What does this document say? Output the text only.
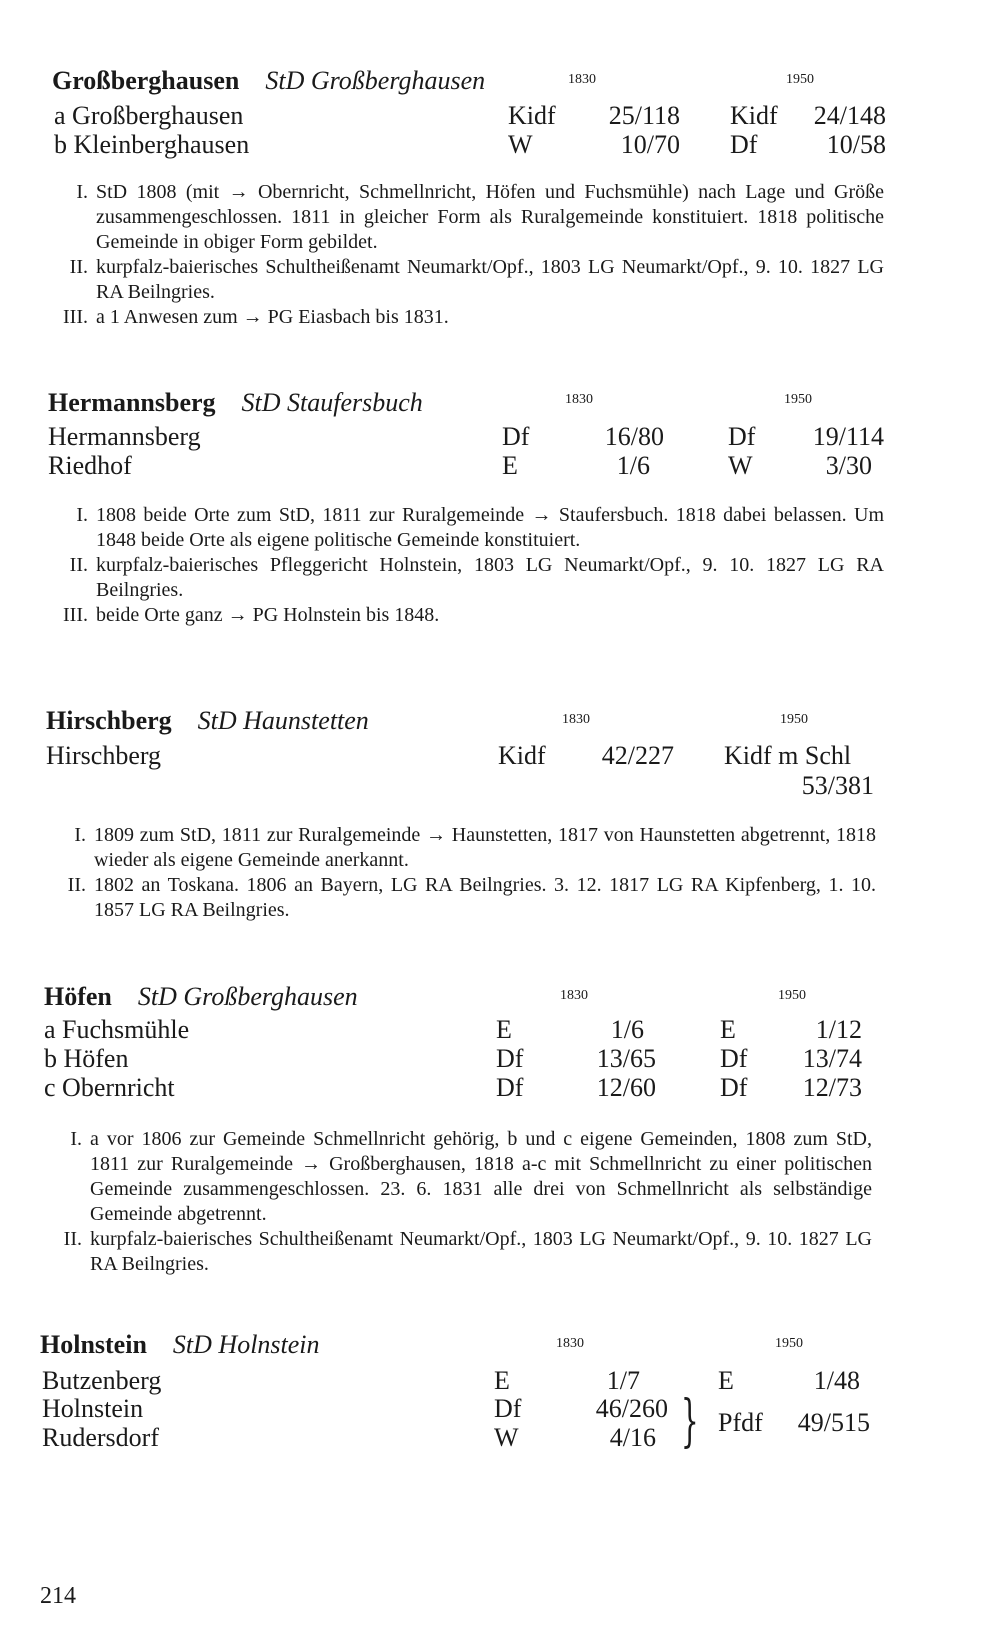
Großberghausen StD Großberghausen	1830	1950
a Großberghausen	Kidf	25/118 Kidf	24/148
b Kleinberghausen	W	10/70 Df	10/58
I. StD 1808 (mit → Obernricht, Schmellnricht, Höfen und Fuchsmühle) nach Lage und Größe zusammengeschlossen. 1811 in gleicher Form als Ruralgemeinde konstituiert. 1818 politische Gemeinde in obiger Form gebildet.
II. kurpfalz-baierisches Schultheißenamt Neumarkt/Opf., 1803 LG Neumarkt/Opf., 9. 10. 1827 LG RA Beilngries.
III. a 1 Anwesen zum → PG Eiasbach bis 1831.
Hermannsberg StD Staufersbuch	1830	1950
Hermannsberg	Df	16/80 Df	19/114
Riedhof	E	1/6	W	3/30
I. 1808 beide Orte zum StD, 1811 zur Ruralgemeinde → Staufersbuch. 1818 dabei belassen. Um 1848 beide Orte als eigene politische Gemeinde konstituiert.
II. kurpfalz-baierisches Pfleggericht Holnstein, 1803 LG Neumarkt/Opf., 9. 10. 1827 LG RA Beilngries.
III. beide Orte ganz → PG Holnstein bis 1848.
Hirschberg StD Haunstetten	1830	1950
Hirschberg	Kidf	42/227 Kidf m Schl
53/381
I. 1809 zum StD, 1811 zur Ruralgemeinde → Haunstetten, 1817 von Haunstetten abgetrennt, 1818 wieder als eigene Gemeinde anerkannt.
II. 1802 an Toskana. 1806 an Bayern, LG RA Beilngries. 3. 12. 1817 LG RA Kipfenberg, 1. 10. 1857 LG RA Beilngries.
Höfen StD Großberghausen	1830	1950
a Fuchsmühle	E	1/6	E	1/12
b Höfen	Df	13/65 Df	13/74
c Obernricht	Df	12/60 Df	12/73
I. a vor 1806 zur Gemeinde Schmellnricht gehörig, b und c eigene Gemeinden, 1808 zum StD, 1811 zur Ruralgemeinde → Großberghausen, 1818 a-c mit Schmellnricht zu einer politischen Gemeinde zusammengeschlossen. 23. 6. 1831 alle drei von Schmellnricht als selbständige Gemeinde abgetrennt.
II. kurpfalz-baierisches Schultheißenamt Neumarkt/Opf., 1803 LG Neumarkt/Opf., 9. 10. 1827 LG RA Beilngries.
Holnstein StD Holnstein	1830	1950
Butzenberg	E	1/7	E	1/48
Holnstein	Df	46/260
Rudersdorf	W	4/16 } Pfdf	49/515
214
